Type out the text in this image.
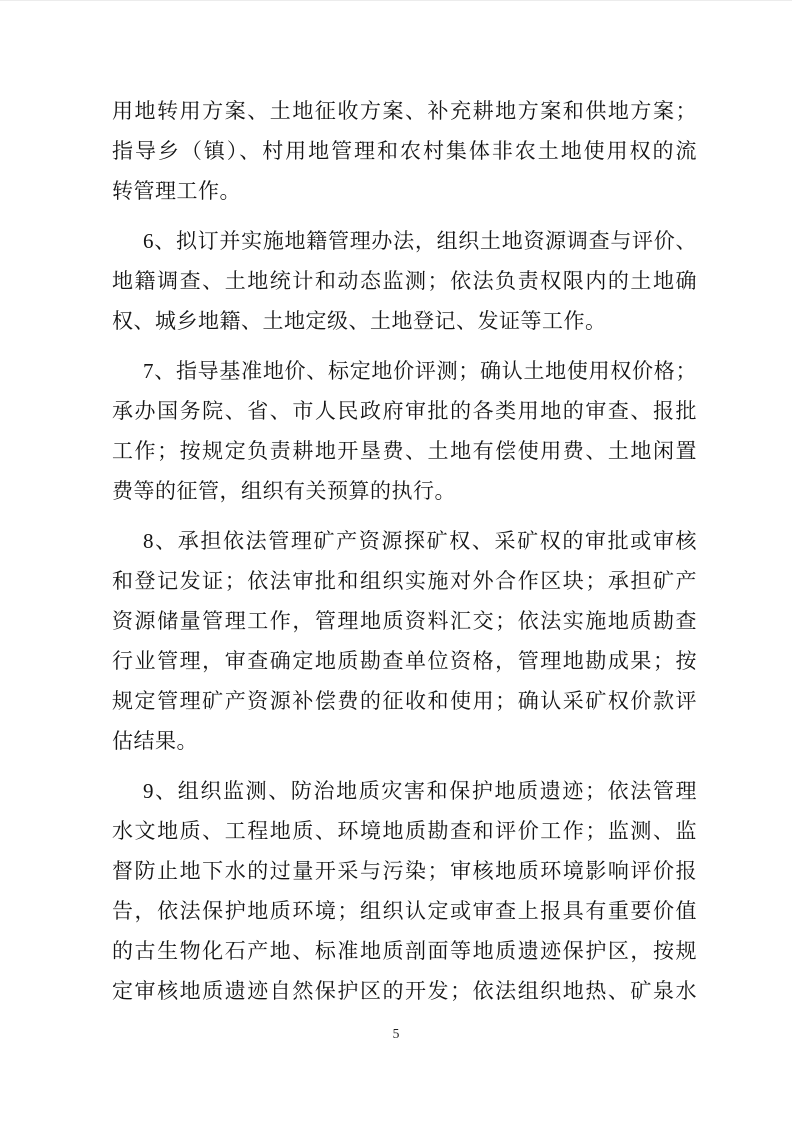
用地转用方案、土地征收方案、补充耕地方案和供地方案；
指导乡（镇）、村用地管理和农村集体非农土地使用权的流
转管理工作。
6、拟订并实施地籍管理办法，组织土地资源调查与评价、
地籍调查、土地统计和动态监测；依法负责权限内的土地确
权、城乡地籍、土地定级、土地登记、发证等工作。
7、指导基准地价、标定地价评测；确认土地使用权价格；
承办国务院、省、市人民政府审批的各类用地的审查、报批
工作；按规定负责耕地开垦费、土地有偿使用费、土地闲置
费等的征管，组织有关预算的执行。
8、承担依法管理矿产资源探矿权、采矿权的审批或审核
和登记发证；依法审批和组织实施对外合作区块；承担矿产
资源储量管理工作，管理地质资料汇交；依法实施地质勘查
行业管理，审查确定地质勘查单位资格，管理地勘成果；按
规定管理矿产资源补偿费的征收和使用；确认采矿权价款评
估结果。
9、组织监测、防治地质灾害和保护地质遗迹；依法管理
水文地质、工程地质、环境地质勘查和评价工作；监测、监
督防止地下水的过量开采与污染；审核地质环境影响评价报
告，依法保护地质环境；组织认定或审查上报具有重要价值
的古生物化石产地、标准地质剖面等地质遗迹保护区，按规
定审核地质遗迹自然保护区的开发；依法组织地热、矿泉水
5
